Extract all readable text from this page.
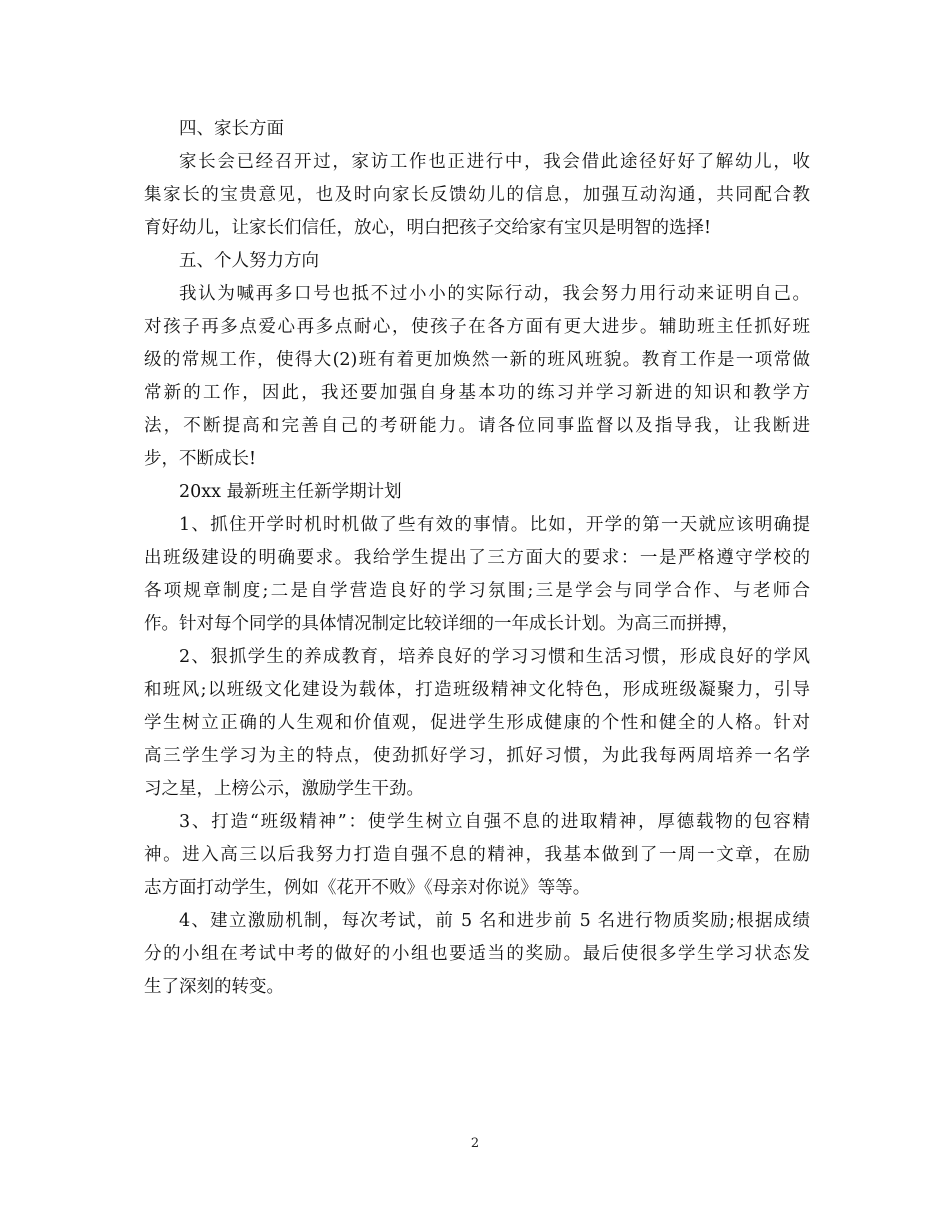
四、家长方面
家长会已经召开过，家访工作也正进行中，我会借此途径好好了解幼儿，收
集家长的宝贵意见，也及时向家长反馈幼儿的信息，加强互动沟通，共同配合教
育好幼儿，让家长们信任，放心，明白把孩子交给家有宝贝是明智的选择!
五、个人努力方向
我认为喊再多口号也抵不过小小的实际行动，我会努力用行动来证明自己。
对孩子再多点爱心再多点耐心，使孩子在各方面有更大进步。辅助班主任抓好班
级的常规工作，使得大(2)班有着更加焕然一新的班风班貌。教育工作是一项常做
常新的工作，因此，我还要加强自身基本功的练习并学习新进的知识和教学方
法，不断提高和完善自己的考研能力。请各位同事监督以及指导我，让我断进
步，不断成长!
20xx 最新班主任新学期计划
1、抓住开学时机时机做了些有效的事情。比如，开学的第一天就应该明确提
出班级建设的明确要求。我给学生提出了三方面大的要求：一是严格遵守学校的
各项规章制度;二是自学营造良好的学习氛围;三是学会与同学合作、与老师合
作。针对每个同学的具体情况制定比较详细的一年成长计划。为高三而拼搏，
2、狠抓学生的养成教育，培养良好的学习习惯和生活习惯，形成良好的学风
和班风;以班级文化建设为载体，打造班级精神文化特色，形成班级凝聚力，引导
学生树立正确的人生观和价值观，促进学生形成健康的个性和健全的人格。针对
高三学生学习为主的特点，使劲抓好学习，抓好习惯，为此我每两周培养一名学
习之星，上榜公示，激励学生干劲。
3、打造“班级精神”：使学生树立自强不息的进取精神，厚德载物的包容精
神。进入高三以后我努力打造自强不息的精神，我基本做到了一周一文章，在励
志方面打动学生，例如《花开不败》《母亲对你说》等等。
4、建立激励机制，每次考试，前 5 名和进步前 5 名进行物质奖励;根据成绩
分的小组在考试中考的做好的小组也要适当的奖励。最后使很多学生学习状态发
生了深刻的转变。
2
